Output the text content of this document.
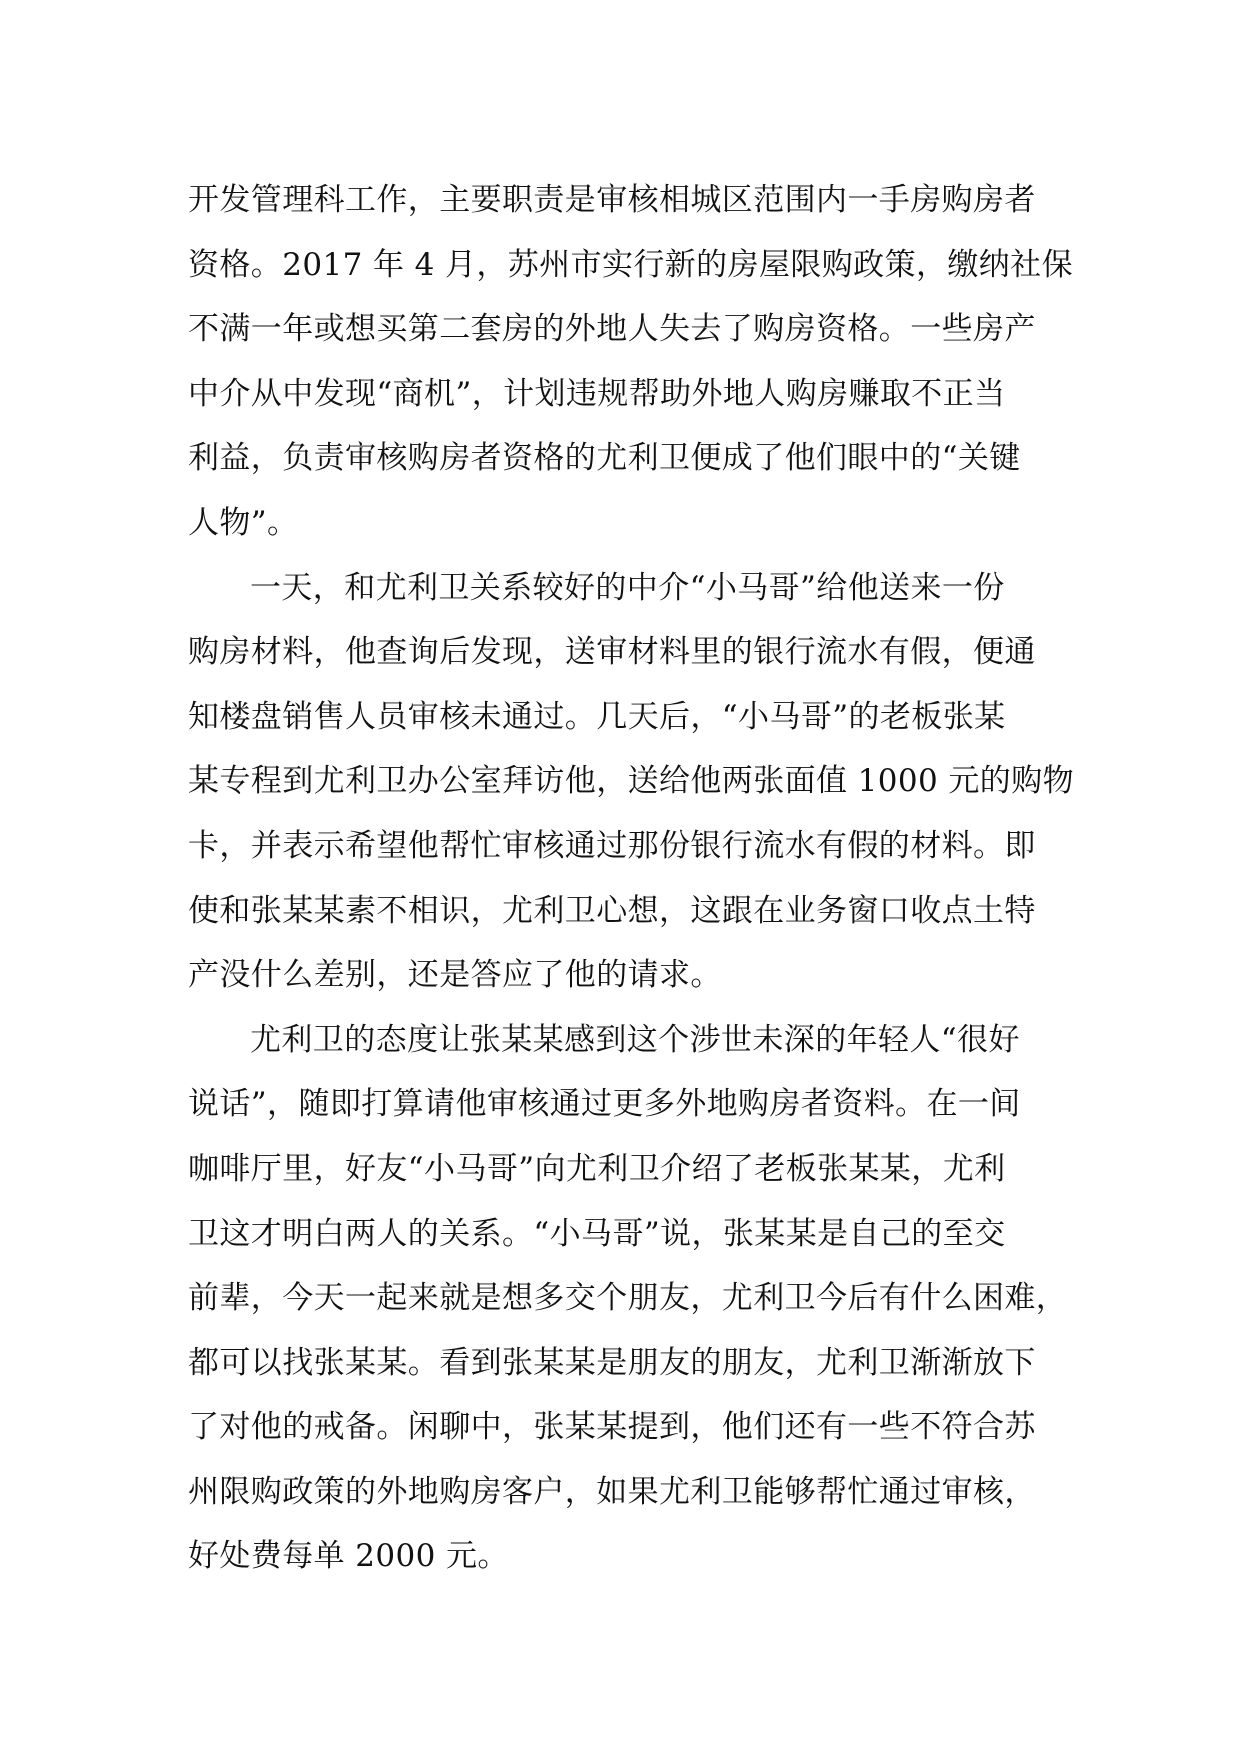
开发管理科工作，主要职责是审核相城区范围内一手房购房者
资格。2017 年 4 月，苏州市实行新的房屋限购政策，缴纳社保
不满一年或想买第二套房的外地人失去了购房资格。一些房产
中介从中发现“商机”，计划违规帮助外地人购房赚取不正当
利益，负责审核购房者资格的尤利卫便成了他们眼中的“关键
人物”。
一天，和尤利卫关系较好的中介“小马哥”给他送来一份
购房材料，他查询后发现，送审材料里的银行流水有假，便通
知楼盘销售人员审核未通过。几天后，“小马哥”的老板张某
某专程到尤利卫办公室拜访他，送给他两张面值 1000 元的购物
卡，并表示希望他帮忙审核通过那份银行流水有假的材料。即
使和张某某素不相识，尤利卫心想，这跟在业务窗口收点土特
产没什么差别，还是答应了他的请求。
尤利卫的态度让张某某感到这个涉世未深的年轻人“很好
说话”，随即打算请他审核通过更多外地购房者资料。在一间
咖啡厅里，好友“小马哥”向尤利卫介绍了老板张某某，尤利
卫这才明白两人的关系。“小马哥”说，张某某是自己的至交
前辈，今天一起来就是想多交个朋友，尤利卫今后有什么困难，
都可以找张某某。看到张某某是朋友的朋友，尤利卫渐渐放下
了对他的戒备。闲聊中，张某某提到，他们还有一些不符合苏
州限购政策的外地购房客户，如果尤利卫能够帮忙通过审核，
好处费每单 2000 元。
